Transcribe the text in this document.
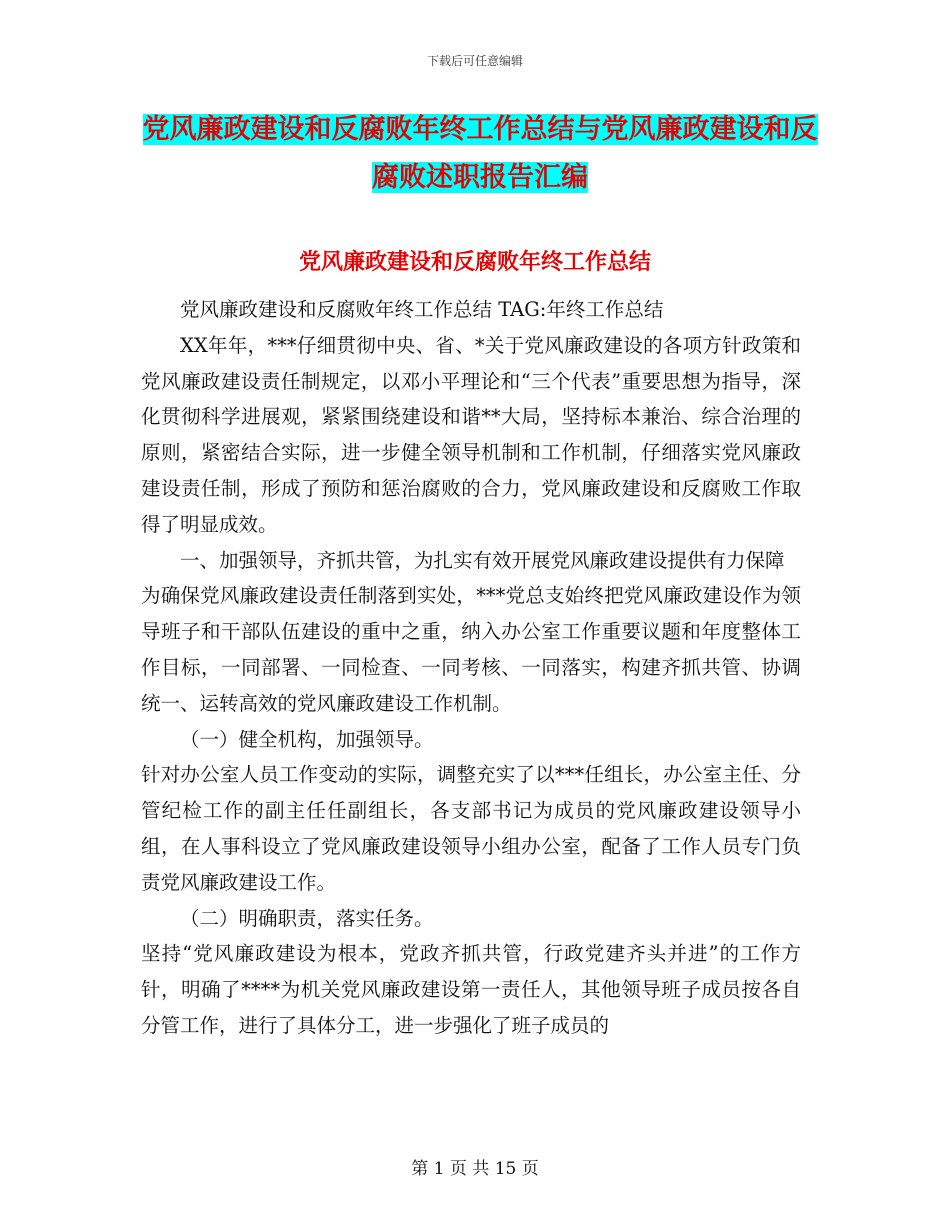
下载后可任意编辑
党风廉政建设和反腐败年终工作总结与党风廉政建设和反腐败述职报告汇编
党风廉政建设和反腐败年终工作总结

党风廉政建设和反腐败年终工作总结 TAG:年终工作总结

XX年年，***仔细贯彻中央、省、*关于党风廉政建设的各项方针政策和党风廉政建设责任制规定，以邓小平理论和“三个代表”重要思想为指导，深化贯彻科学进展观，紧紧围绕建设和谐**大局，坚持标本兼治、综合治理的原则，紧密结合实际，进一步健全领导机制和工作机制，仔细落实党风廉政建设责任制，形成了预防和惩治腐败的合力，党风廉政建设和反腐败工作取得了明显成效。

一、加强领导，齐抓共管，为扎实有效开展党风廉政建设提供有力保障

为确保党风廉政建设责任制落到实处，***党总支始终把党风廉政建设作为领导班子和干部队伍建设的重中之重，纳入办公室工作重要议题和年度整体工作目标，一同部署、一同检查、一同考核、一同落实，构建齐抓共管、协调统一、运转高效的党风廉政建设工作机制。

（一）健全机构，加强领导。

针对办公室人员工作变动的实际，调整充实了以***任组长，办公室主任、分管纪检工作的副主任任副组长，各支部书记为成员的党风廉政建设领导小组，在人事科设立了党风廉政建设领导小组办公室，配备了工作人员专门负责党风廉政建设工作。

（二）明确职责，落实任务。

坚持“党风廉政建设为根本，党政齐抓共管，行政党建齐头并进”的工作方针，明确了****为机关党风廉政建设第一责任人，其他领导班子成员按各自分管工作，进行了具体分工，进一步强化了班子成员的

第 1 页 共 15 页
